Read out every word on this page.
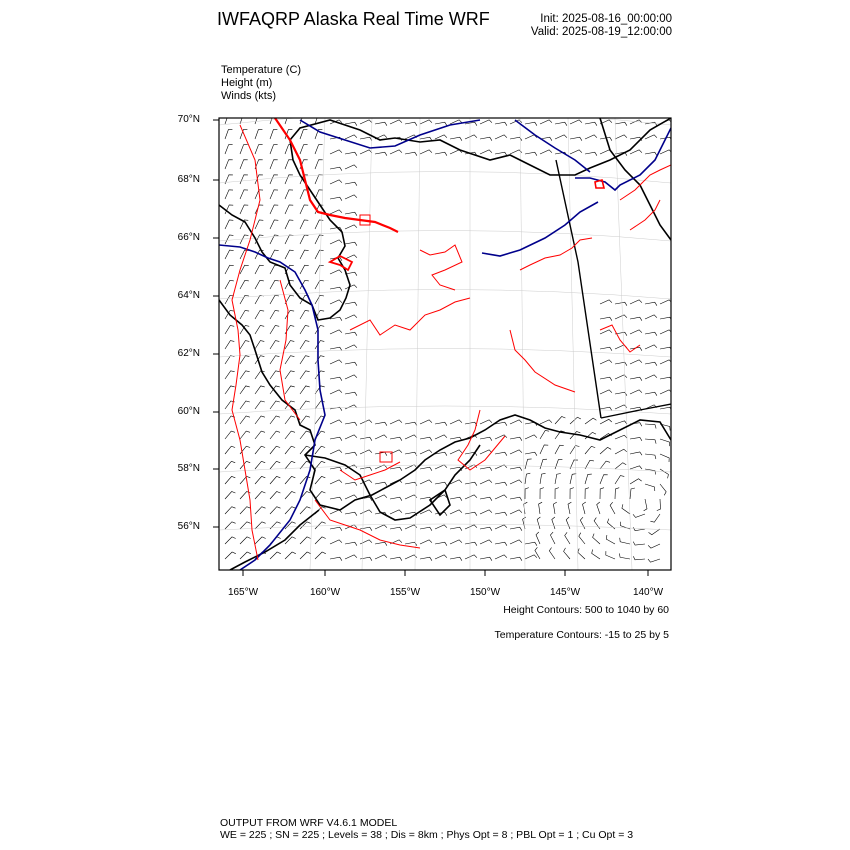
IWFAQRP Alaska Real Time WRF	Init: 2025-08-16_00:00:00
Valid: 2025-08-19_12:00:00
Temperature (C)
Height (m)
Winds (kts)
70°N
68°N
66°N
64°N
62°N
60°N
58°N
56°N
165°W	160°W	155°W	150°W	145°W	140°W
Height Contours: 500 to 1040 by 60
Temperature Contours: -15 to 25 by 5
OUTPUT FROM WRF V4.6.1 MODEL
WE = 225 ; SN = 225 ; Levels = 38 ; Dis = 8km ; Phys Opt = 8 ; PBL Opt = 1 ; Cu Opt = 3
